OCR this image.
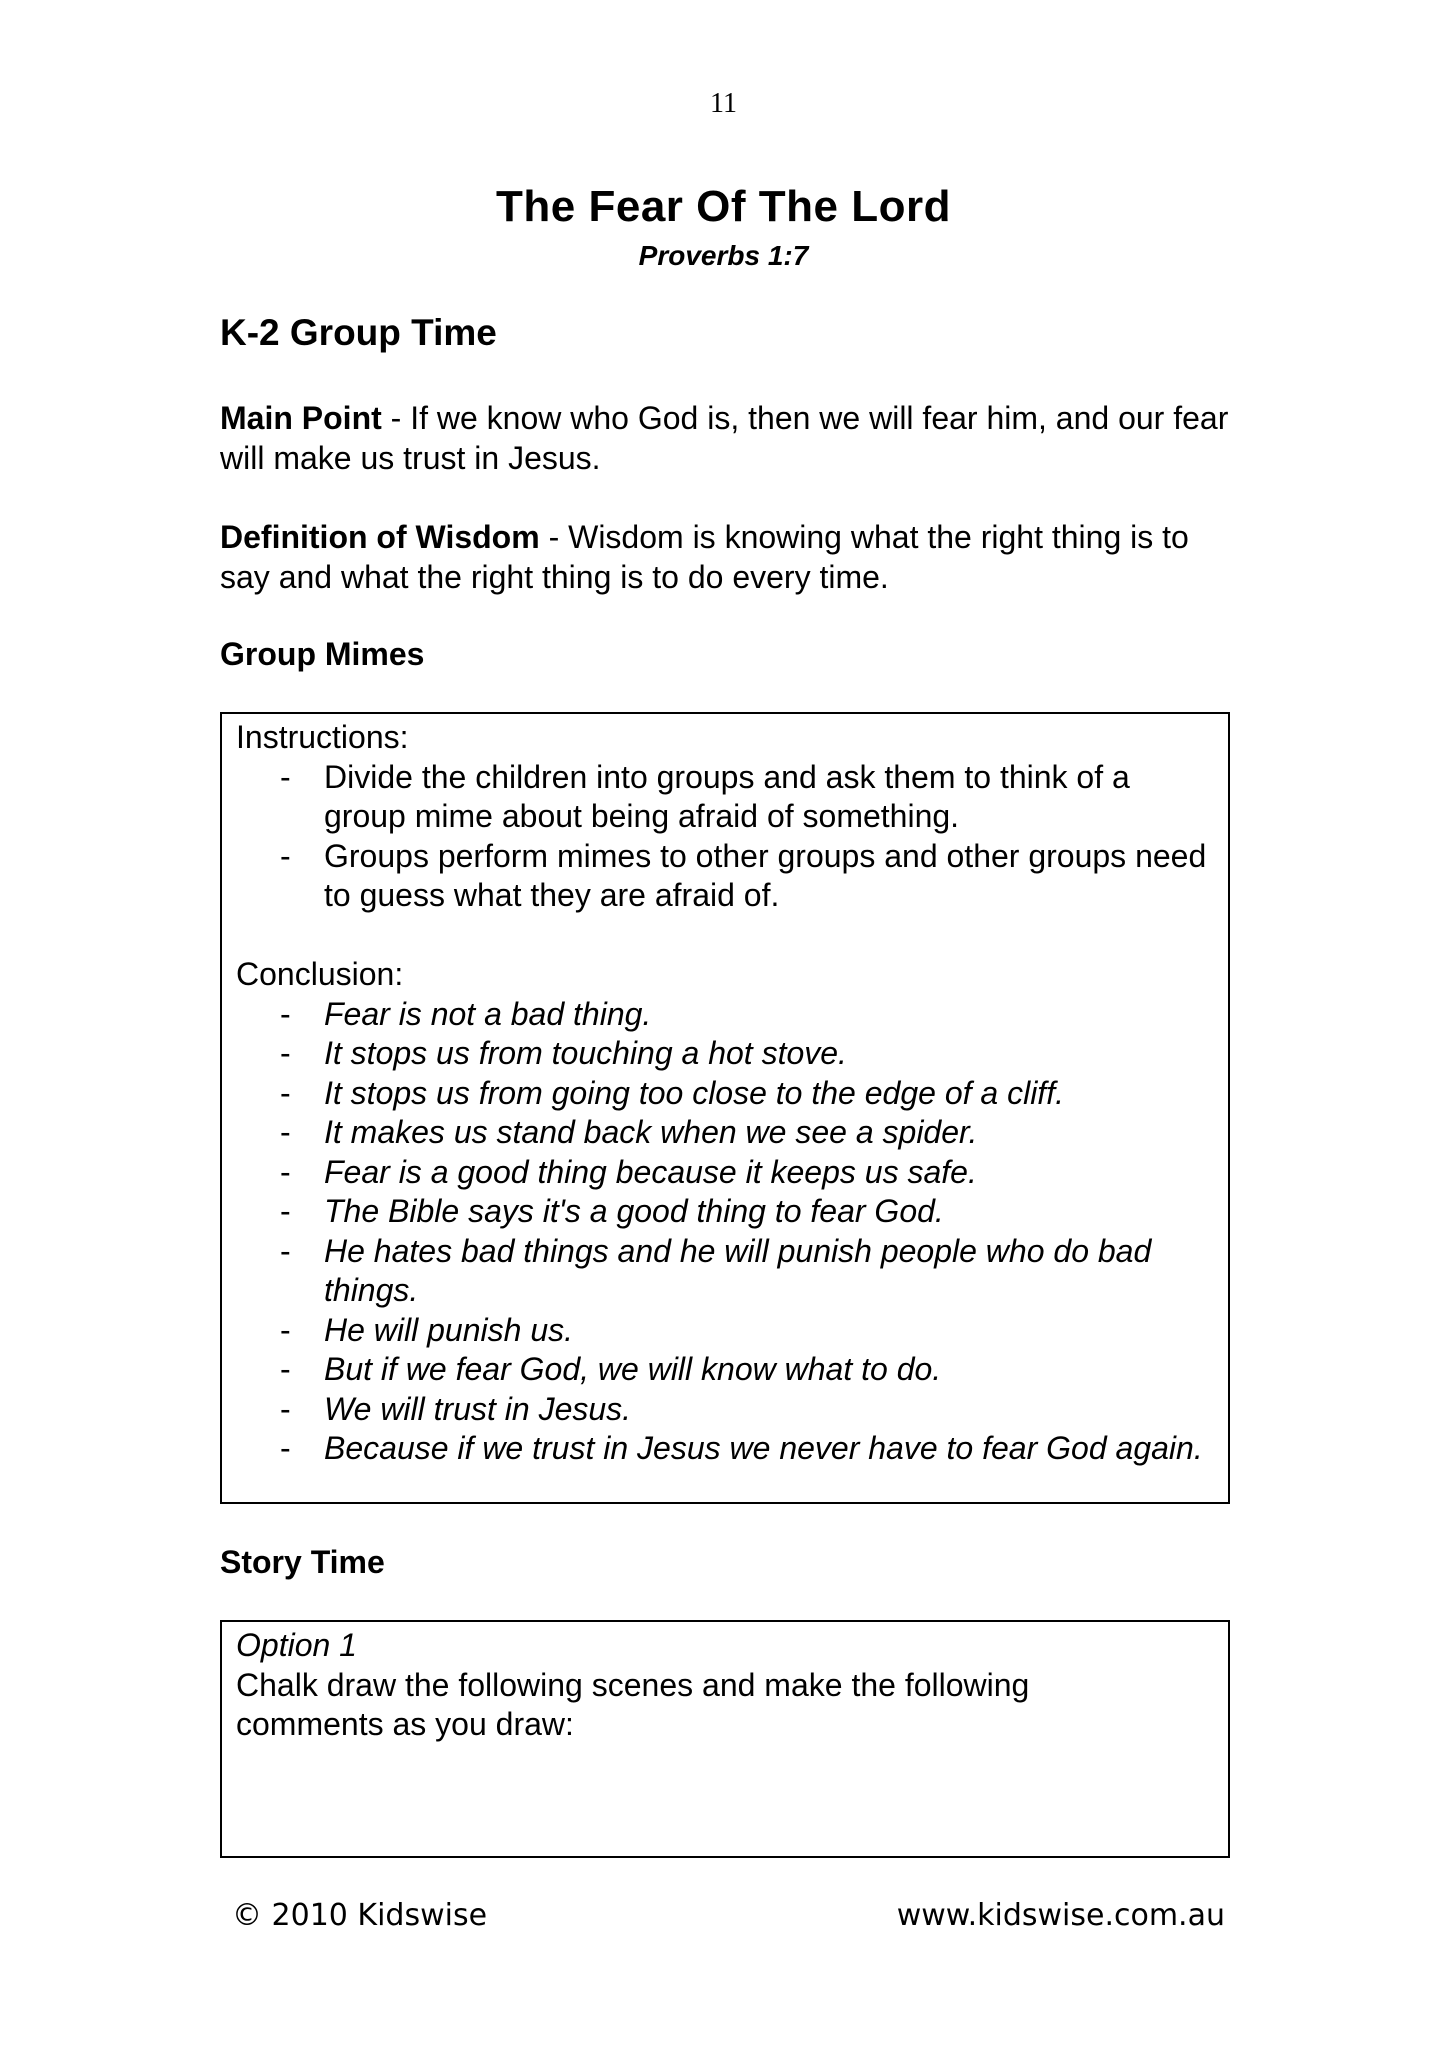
11
The Fear Of The Lord
Proverbs 1:7
K-2 Group Time
Main Point - If we know who God is, then we will fear him, and our fear will make us trust in Jesus.
Definition of Wisdom - Wisdom is knowing what the right thing is to say and what the right thing is to do every time.
Group Mimes
Instructions:
- Divide the children into groups and ask them to think of a group mime about being afraid of something.
- Groups perform mimes to other groups and other groups need to guess what they are afraid of.
Conclusion:
- Fear is not a bad thing.
- It stops us from touching a hot stove.
- It stops us from going too close to the edge of a cliff.
- It makes us stand back when we see a spider.
- Fear is a good thing because it keeps us safe.
- The Bible says it's a good thing to fear God.
- He hates bad things and he will punish people who do bad things.
- He will punish us.
- But if we fear God, we will know what to do.
- We will trust in Jesus.
- Because if we trust in Jesus we never have to fear God again.
Story Time
Option 1
Chalk draw the following scenes and make the following comments as you draw:
© 2010 Kidswise	www.kidswise.com.au
